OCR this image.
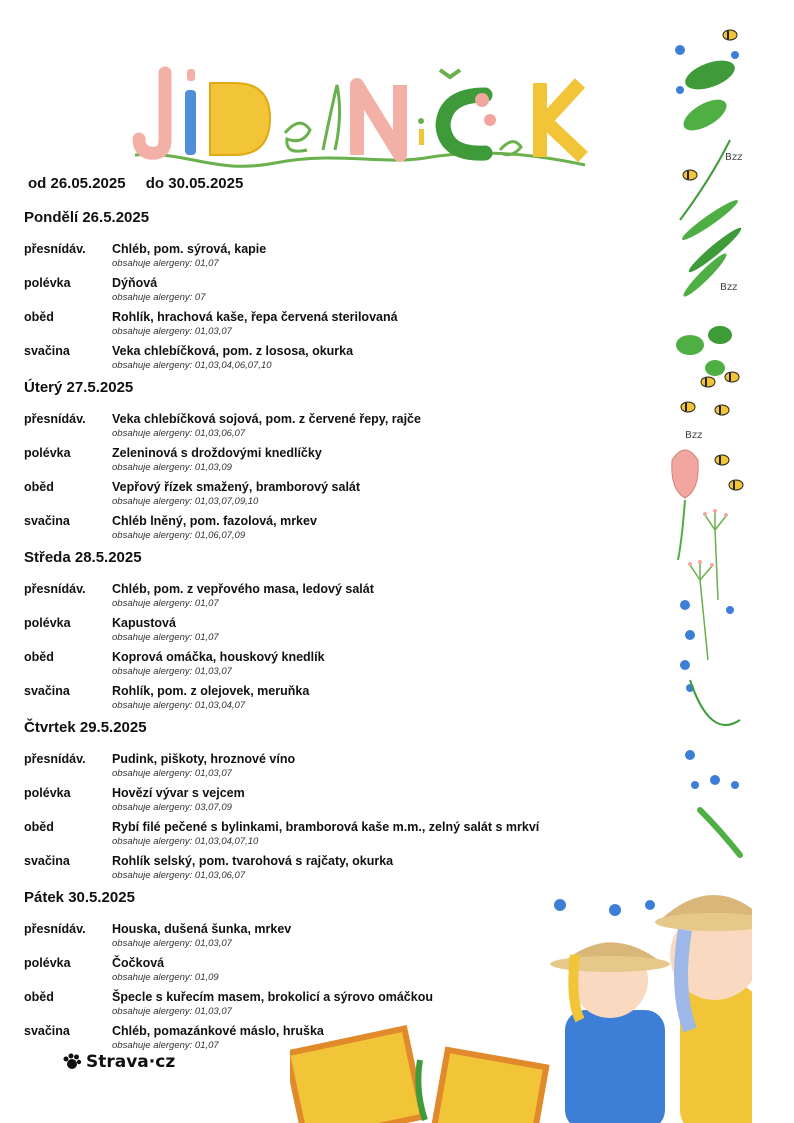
od 26.05.2025 do 30.05.2025
Pondělí 26.5.2025
přesnídáv. Chléb, pom. sýrová, kapie
obsahuje alergeny: 01,07
polévka	Dýňová
obsahuje alergeny: 07
oběd	Rohlík, hrachová kaše, řepa červená sterilovaná
obsahuje alergeny: 01,03,07
svačina	Veka chlebíčková, pom. z lososa, okurka
obsahuje alergeny: 01,03,04,06,07,10
Úterý 27.5.2025
přesnídáv. Veka chlebíčková sojová, pom. z červené řepy, rajče
obsahuje alergeny: 01,03,06,07
polévka	Zeleninová s droždovými knedlíčky
obsahuje alergeny: 01,03,09
oběd	Vepřový řízek smažený, bramborový salát
obsahuje alergeny: 01,03,07,09,10
svačina	Chléb lněný, pom. fazolová, mrkev
obsahuje alergeny: 01,06,07,09
Středa 28.5.2025
přesnídáv. Chléb, pom. z vepřového masa, ledový salát
obsahuje alergeny: 01,07
polévka	Kapustová
obsahuje alergeny: 01,07
oběd	Koprová omáčka, houskový knedlík
obsahuje alergeny: 01,03,07
svačina	Rohlík, pom. z olejovek, meruňka
obsahuje alergeny: 01,03,04,07
Čtvrtek 29.5.2025
přesnídáv. Pudink, piškoty, hroznové víno
obsahuje alergeny: 01,03,07
polévka	Hovězí vývar s vejcem
obsahuje alergeny: 03,07,09
oběd	Rybí filé pečené s bylinkami, bramborová kaše m.m., zelný salát s mrkví
obsahuje alergeny: 01,03,04,07,10
svačina	Rohlík selský, pom. tvarohová s rajčaty, okurka
obsahuje alergeny: 01,03,06,07
Pátek 30.5.2025
přesnídáv. Houska, dušená šunka, mrkev
obsahuje alergeny: 01,03,07
polévka	Čočková
obsahuje alergeny: 01,09
oběd	Špecle s kuřecím masem, brokolicí a sýrovo omáčkou
obsahuje alergeny: 01,03,07
svačina	Chléb, pomazánkové máslo, hruška
obsahuje alergeny: 01,07
Bzz
Bzz
Bzz
Strava·cz
